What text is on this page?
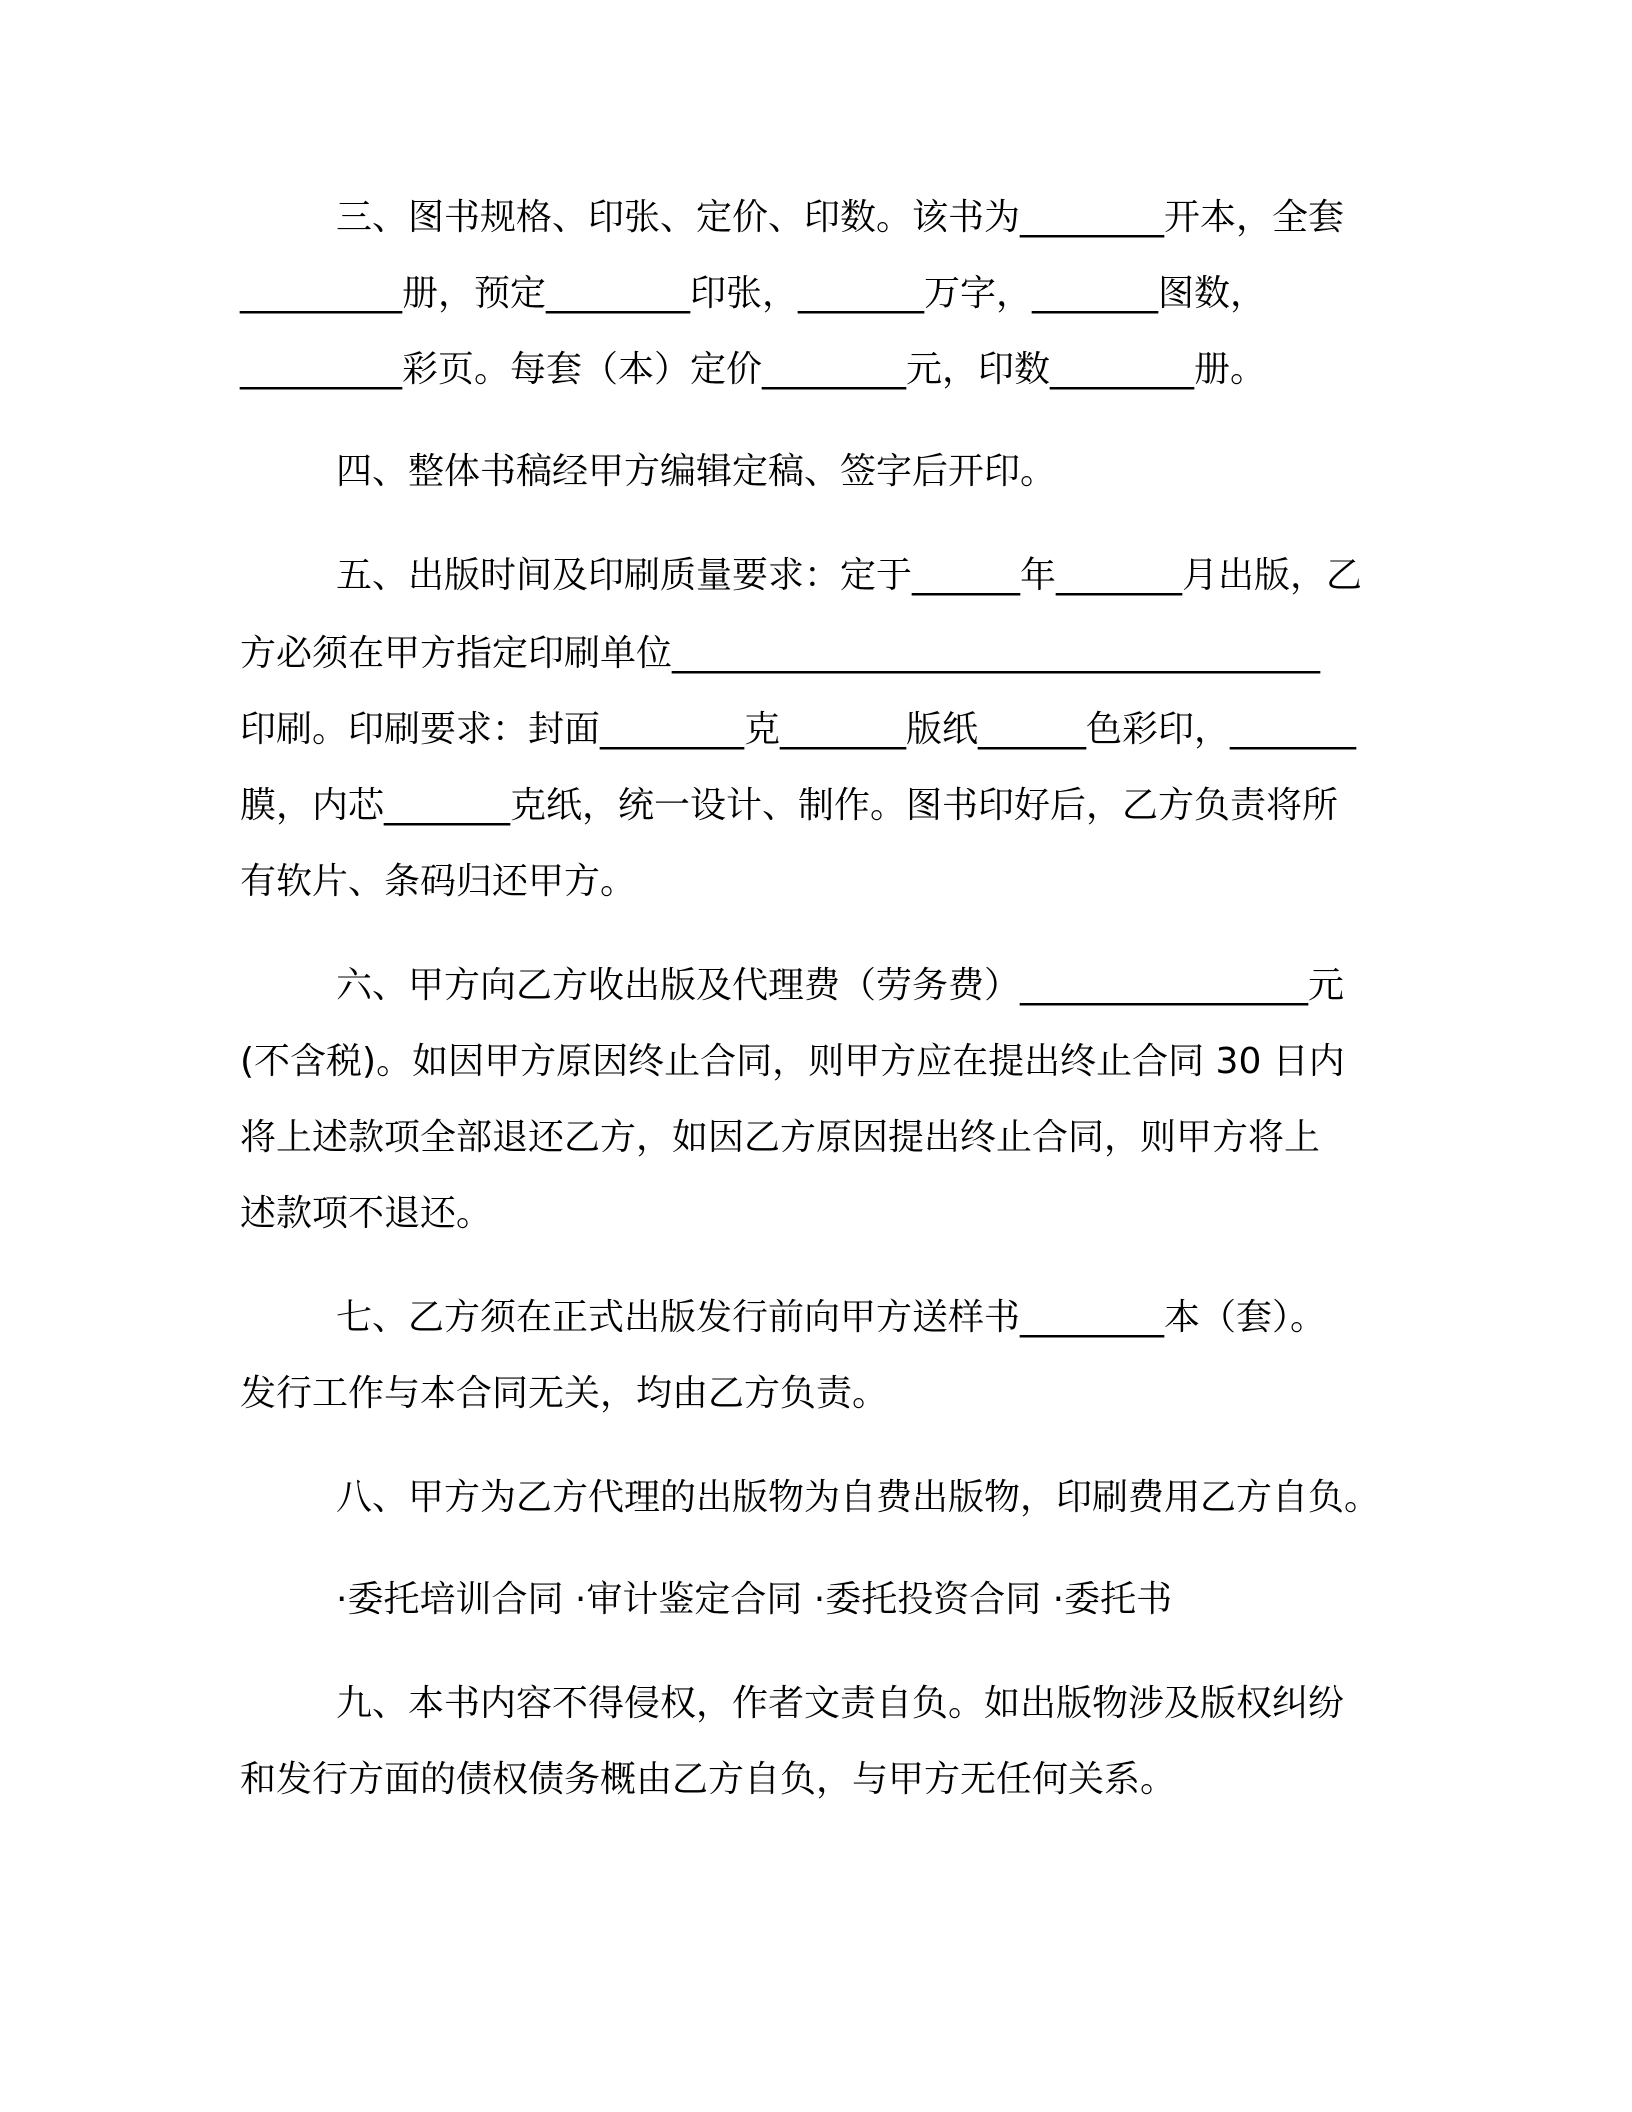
三、图书规格、印张、定价、印数。该书为________开本，全套

_________册，预定________印张，_______万字，_______图数，

_________彩页。每套（本）定价________元，印数________册。

四、整体书稿经甲方编辑定稿、签字后开印。

五、出版时间及印刷质量要求：定于______年_______月出版，乙

方必须在甲方指定印刷单位____________________________________

印刷。印刷要求：封面________克_______版纸______色彩印，_______

膜，内芯_______克纸，统一设计、制作。图书印好后，乙方负责将所

有软片、条码归还甲方。

六、甲方向乙方收出版及代理费（劳务费）________________元

(不含税)。如因甲方原因终止合同，则甲方应在提出终止合同 30 日内

将上述款项全部退还乙方，如因乙方原因提出终止合同，则甲方将上

述款项不退还。

七、乙方须在正式出版发行前向甲方送样书________本（套）。

发行工作与本合同无关，均由乙方负责。

八、甲方为乙方代理的出版物为自费出版物，印刷费用乙方自负。

·委托培训合同 ·审计鉴定合同 ·委托投资合同 ·委托书

九、本书内容不得侵权，作者文责自负。如出版物涉及版权纠纷

和发行方面的债权债务概由乙方自负，与甲方无任何关系。
